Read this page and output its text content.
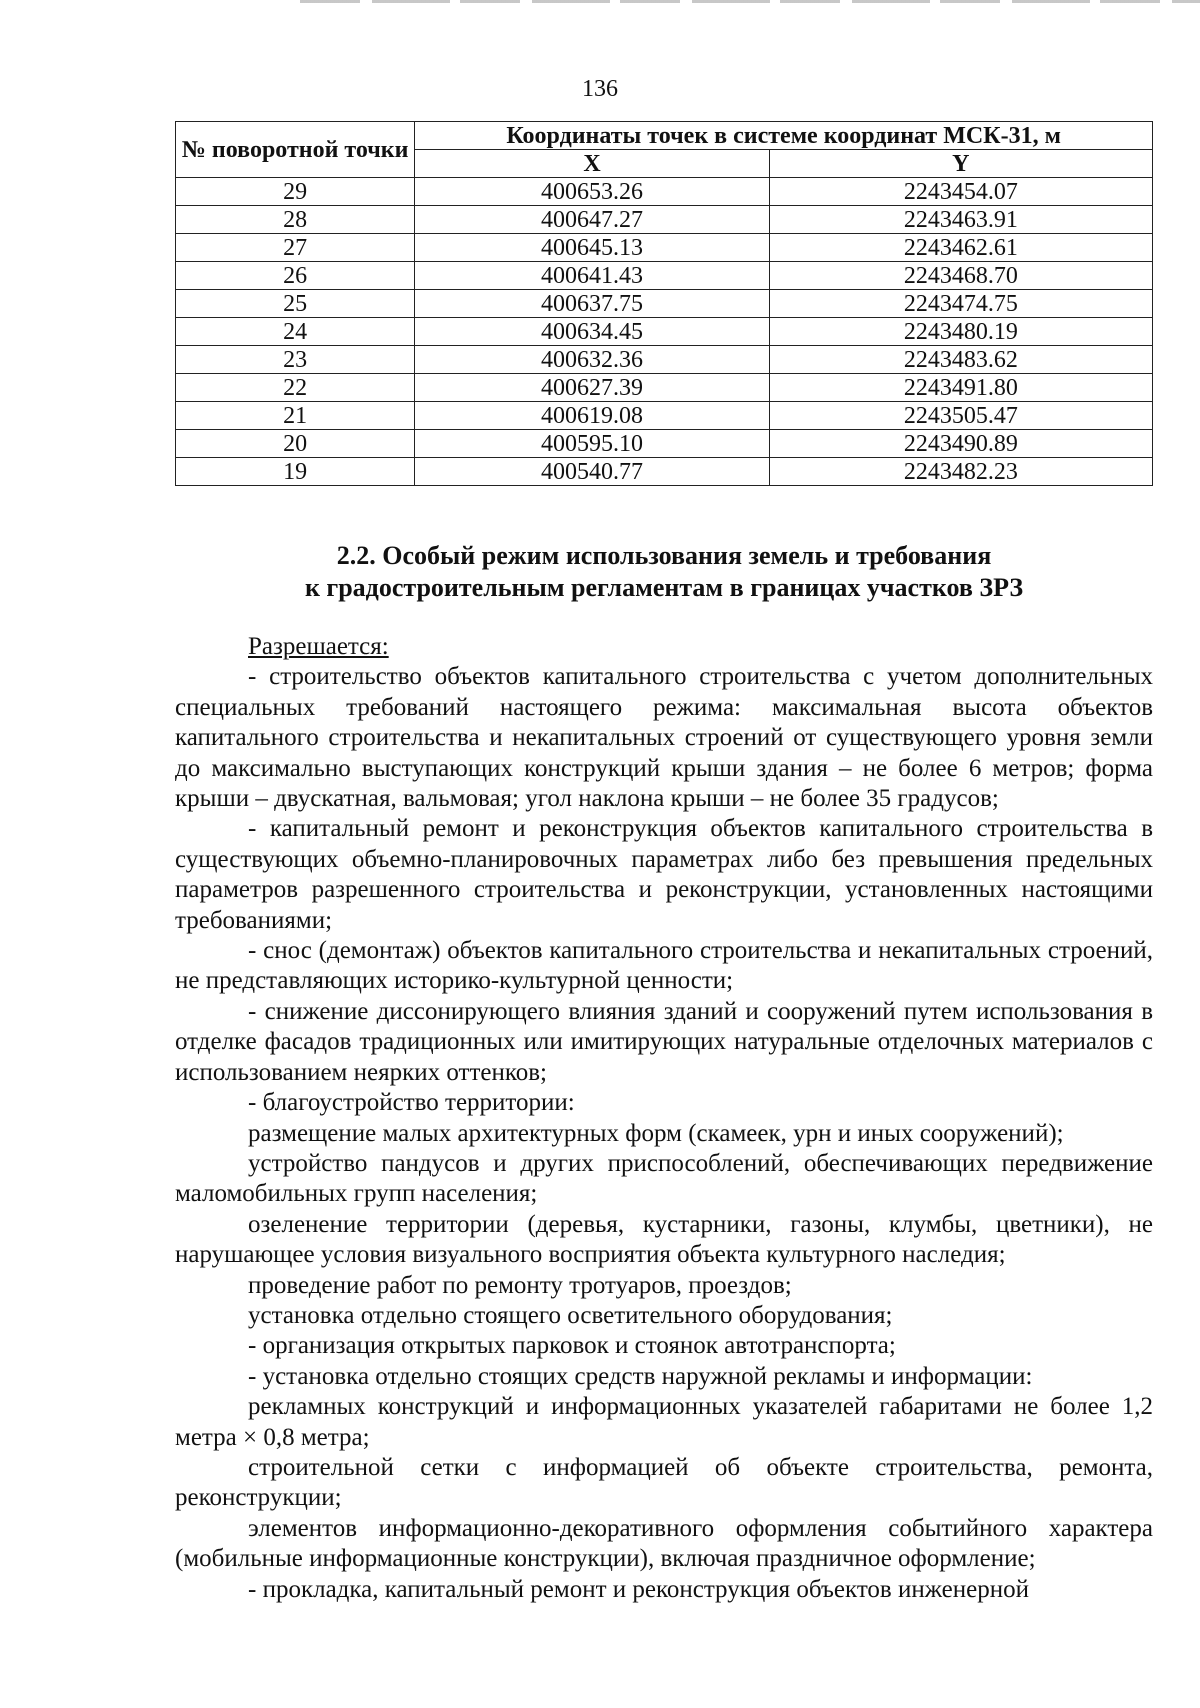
136
№ поворотной точки	Координаты точек в системе координат МСК-31, м	
	X	Y
29	400653.26	2243454.07
28	400647.27	2243463.91
27	400645.13	2243462.61
26	400641.43	2243468.70
25	400637.75	2243474.75
24	400634.45	2243480.19
23	400632.36	2243483.62
22	400627.39	2243491.80
21	400619.08	2243505.47
20	400595.10	2243490.89
19	400540.77	2243482.23
2.2. Особый режим использования земель и требования
к градостроительным регламентам в границах участков ЗРЗ

Разрешается:

- строительство объектов капитального строительства с учетом дополнительных специальных требований настоящего режима: максимальная высота объектов капитального строительства и некапитальных строений от существующего уровня земли до максимально выступающих конструкций крыши здания – не более 6 метров; форма крыши – двускатная, вальмовая; угол наклона крыши – не более 35 градусов;

- капитальный ремонт и реконструкция объектов капитального строительства в существующих объемно-планировочных параметрах либо без превышения предельных параметров разрешенного строительства и реконструкции, установленных настоящими требованиями;

- снос (демонтаж) объектов капитального строительства и некапитальных строений, не представляющих историко-культурной ценности;

- снижение диссонирующего влияния зданий и сооружений путем использования в отделке фасадов традиционных или имитирующих натуральные отделочных материалов с использованием неярких оттенков;

- благоустройство территории:

размещение малых архитектурных форм (скамеек, урн и иных сооружений);

устройство пандусов и других приспособлений, обеспечивающих передвижение маломобильных групп населения;

озеленение территории (деревья, кустарники, газоны, клумбы, цветники), не нарушающее условия визуального восприятия объекта культурного наследия;

проведение работ по ремонту тротуаров, проездов;

установка отдельно стоящего осветительного оборудования;

- организация открытых парковок и стоянок автотранспорта;

- установка отдельно стоящих средств наружной рекламы и информации:

рекламных конструкций и информационных указателей габаритами не более 1,2 метра × 0,8 метра;

строительной сетки с информацией об объекте строительства, ремонта, реконструкции;

элементов информационно-декоративного оформления событийного характера (мобильные информационные конструкции), включая праздничное оформление;

- прокладка, капитальный ремонт и реконструкция объектов инженерной
